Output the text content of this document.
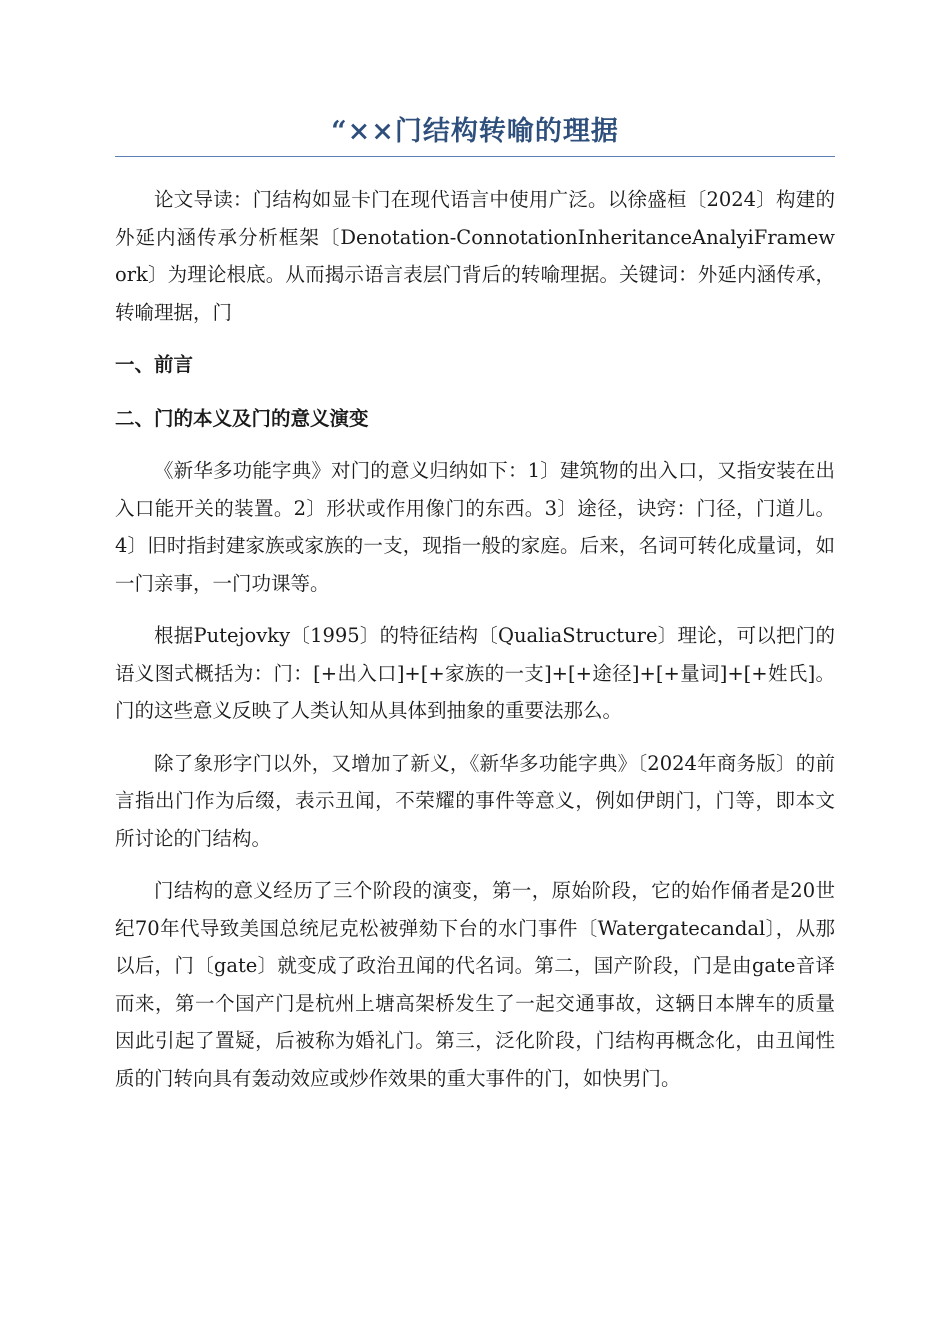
“××门结构转喻的理据

论文导读：门结构如显卡门在现代语言中使用广泛。以徐盛桓〔2024〕构建的外延内涵传承分析框架〔Denotation-ConnotationInheritanceAnalyiFramework〕为理论根底。从而揭示语言表层门背后的转喻理据。关键词：外延内涵传承，转喻理据，门

一、前言
二、门的本义及门的意义演变

《新华多功能字典》对门的意义归纳如下：1〕建筑物的出入口，又指安装在出入口能开关的装置。2〕形状或作用像门的东西。3〕途径，诀窍：门径，门道儿。4〕旧时指封建家族或家族的一支，现指一般的家庭。后来，名词可转化成量词，如一门亲事，一门功课等。

根据Putejovky〔1995〕的特征结构〔QualiaStructure〕理论，可以把门的语义图式概括为：门：[+出入口]+[+家族的一支]+[+途径]+[+量词]+[+姓氏]。门的这些意义反映了人类认知从具体到抽象的重要法那么。

除了象形字门以外，又增加了新义，《新华多功能字典》〔2024年商务版〕的前言指出门作为后缀，表示丑闻，不荣耀的事件等意义，例如伊朗门，门等，即本文所讨论的门结构。

门结构的意义经历了三个阶段的演变，第一，原始阶段，它的始作俑者是20世纪70年代导致美国总统尼克松被弹劾下台的水门事件〔Watergatecandal〕，从那以后，门〔gate〕就变成了政治丑闻的代名词。第二，国产阶段，门是由gate音译而来，第一个国产门是杭州上塘高架桥发生了一起交通事故，这辆日本牌车的质量因此引起了置疑，后被称为婚礼门。第三，泛化阶段，门结构再概念化，由丑闻性质的门转向具有轰动效应或炒作效果的重大事件的门，如快男门。
